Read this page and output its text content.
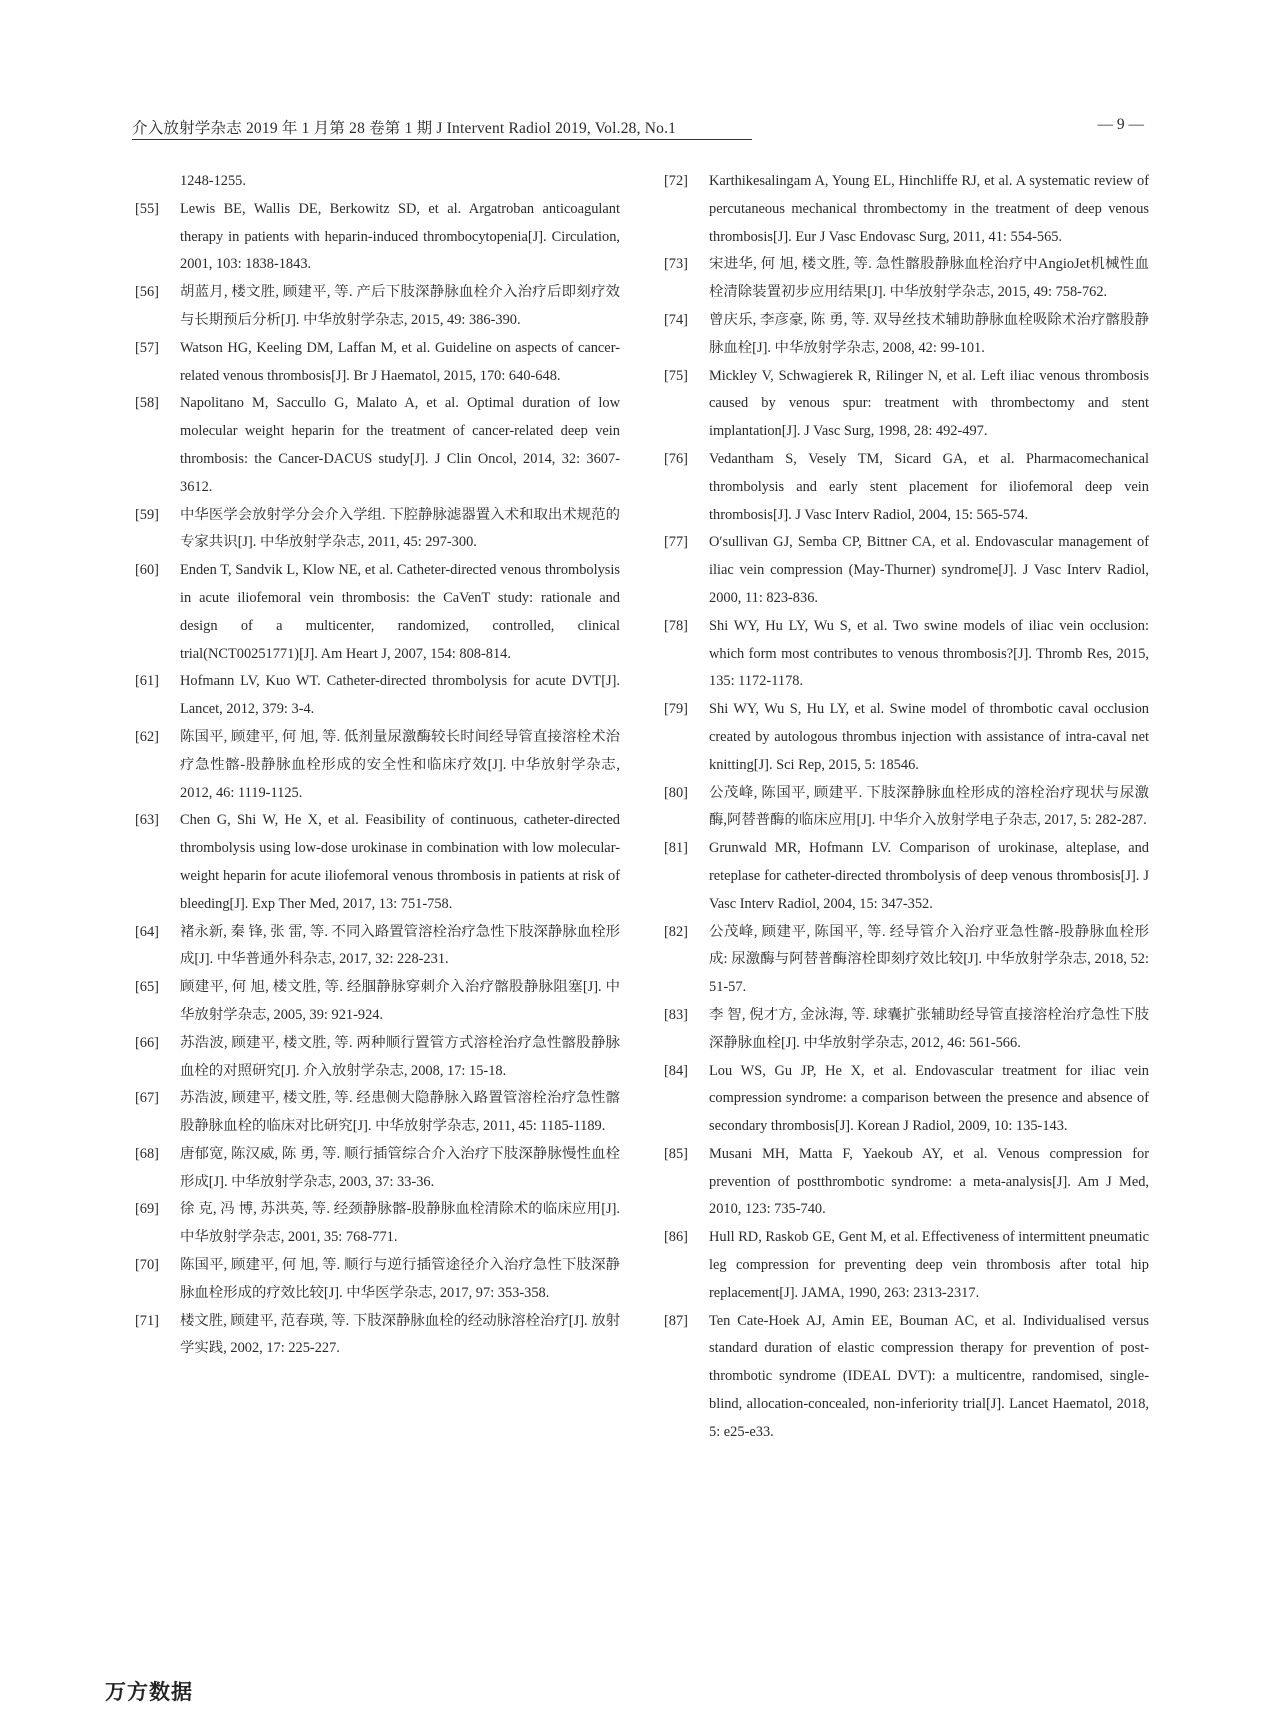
介入放射学杂志 2019 年 1 月第 28 卷第 1 期 J Intervent Radiol 2019, Vol.28, No.1	— 9 —

1248-1255.

[55] Lewis BE, Wallis DE, Berkowitz SD, et al. Argatroban anticoagulant therapy in patients with heparin-induced thrombocytopenia[J]. Circulation, 2001, 103: 1838-1843.

[56] 胡蓝月, 楼文胜, 顾建平, 等. 产后下肢深静脉血栓介入治疗后即刻疗效与长期预后分析[J]. 中华放射学杂志, 2015, 49: 386-390.

[57] Watson HG, Keeling DM, Laffan M, et al. Guideline on aspects of cancer-related venous thrombosis[J]. Br J Haematol, 2015, 170: 640-648.

[58] Napolitano M, Saccullo G, Malato A, et al. Optimal duration of low molecular weight heparin for the treatment of cancer-related deep vein thrombosis: the Cancer-DACUS study[J]. J Clin Oncol, 2014, 32: 3607-3612.

[59] 中华医学会放射学分会介入学组. 下腔静脉滤器置入术和取出术规范的专家共识[J]. 中华放射学杂志, 2011, 45: 297-300.

[60] Enden T, Sandvik L, Klow NE, et al. Catheter-directed venous thrombolysis in acute iliofemoral vein thrombosis: the CaVenT study: rationale and design of a multicenter, randomized, controlled, clinical trial(NCT00251771)[J]. Am Heart J, 2007, 154: 808-814.

[61] Hofmann LV, Kuo WT. Catheter-directed thrombolysis for acute DVT[J]. Lancet, 2012, 379: 3-4.

[62] 陈国平, 顾建平, 何 旭, 等. 低剂量尿激酶较长时间经导管直接溶栓术治疗急性髂-股静脉血栓形成的安全性和临床疗效[J]. 中华放射学杂志, 2012, 46: 1119-1125.

[63] Chen G, Shi W, He X, et al. Feasibility of continuous, catheter-directed thrombolysis using low-dose urokinase in combination with low molecular-weight heparin for acute iliofemoral venous thrombosis in patients at risk of bleeding[J]. Exp Ther Med, 2017, 13: 751-758.

[64] 褚永新, 秦 锋, 张 雷, 等. 不同入路置管溶栓治疗急性下肢深静脉血栓形成[J]. 中华普通外科杂志, 2017, 32: 228-231.

[65] 顾建平, 何 旭, 楼文胜, 等. 经腘静脉穿刺介入治疗髂股静脉阻塞[J]. 中华放射学杂志, 2005, 39: 921-924.

[66] 苏浩波, 顾建平, 楼文胜, 等. 两种顺行置管方式溶栓治疗急性髂股静脉血栓的对照研究[J]. 介入放射学杂志, 2008, 17: 15-18.

[67] 苏浩波, 顾建平, 楼文胜, 等. 经患侧大隐静脉入路置管溶栓治疗急性髂股静脉血栓的临床对比研究[J]. 中华放射学杂志, 2011, 45: 1185-1189.

[68] 唐郁宽, 陈汉威, 陈 勇, 等. 顺行插管综合介入治疗下肢深静脉慢性血栓形成[J]. 中华放射学杂志, 2003, 37: 33-36.

[69] 徐 克, 冯 博, 苏洪英, 等. 经颈静脉髂-股静脉血栓清除术的临床应用[J]. 中华放射学杂志, 2001, 35: 768-771.

[70] 陈国平, 顾建平, 何 旭, 等. 顺行与逆行插管途径介入治疗急性下肢深静脉血栓形成的疗效比较[J]. 中华医学杂志, 2017, 97: 353-358.

[71] 楼文胜, 顾建平, 范春瑛, 等. 下肢深静脉血栓的经动脉溶栓治疗[J]. 放射学实践, 2002, 17: 225-227.

[72] Karthikesalingam A, Young EL, Hinchliffe RJ, et al. A systematic review of percutaneous mechanical thrombectomy in the treatment of deep venous thrombosis[J]. Eur J Vasc Endovasc Surg, 2011, 41: 554-565.

[73] 宋进华, 何 旭, 楼文胜, 等. 急性髂股静脉血栓治疗中AngioJet机械性血栓清除装置初步应用结果[J]. 中华放射学杂志, 2015, 49: 758-762.

[74] 曾庆乐, 李彦豪, 陈 勇, 等. 双导丝技术辅助静脉血栓吸除术治疗髂股静脉血栓[J]. 中华放射学杂志, 2008, 42: 99-101.

[75] Mickley V, Schwagierek R, Rilinger N, et al. Left iliac venous thrombosis caused by venous spur: treatment with thrombectomy and stent implantation[J]. J Vasc Surg, 1998, 28: 492-497.

[76] Vedantham S, Vesely TM, Sicard GA, et al. Pharmacomechanical thrombolysis and early stent placement for iliofemoral deep vein thrombosis[J]. J Vasc Interv Radiol, 2004, 15: 565-574.

[77] O′sullivan GJ, Semba CP, Bittner CA, et al. Endovascular management of iliac vein compression (May-Thurner) syndrome[J]. J Vasc Interv Radiol, 2000, 11: 823-836.

[78] Shi WY, Hu LY, Wu S, et al. Two swine models of iliac vein occlusion: which form most contributes to venous thrombosis?[J]. Thromb Res, 2015, 135: 1172-1178.

[79] Shi WY, Wu S, Hu LY, et al. Swine model of thrombotic caval occlusion created by autologous thrombus injection with assistance of intra-caval net knitting[J]. Sci Rep, 2015, 5: 18546.

[80] 公茂峰, 陈国平, 顾建平. 下肢深静脉血栓形成的溶栓治疗现状与尿激酶,阿替普酶的临床应用[J]. 中华介入放射学电子杂志, 2017, 5: 282-287.

[81] Grunwald MR, Hofmann LV. Comparison of urokinase, alteplase, and reteplase for catheter-directed thrombolysis of deep venous thrombosis[J]. J Vasc Interv Radiol, 2004, 15: 347-352.

[82] 公茂峰, 顾建平, 陈国平, 等. 经导管介入治疗亚急性髂-股静脉血栓形成: 尿激酶与阿替普酶溶栓即刻疗效比较[J]. 中华放射学杂志, 2018, 52: 51-57.

[83] 李 智, 倪才方, 金泳海, 等. 球囊扩张辅助经导管直接溶栓治疗急性下肢深静脉血栓[J]. 中华放射学杂志, 2012, 46: 561-566.

[84] Lou WS, Gu JP, He X, et al. Endovascular treatment for iliac vein compression syndrome: a comparison between the presence and absence of secondary thrombosis[J]. Korean J Radiol, 2009, 10: 135-143.

[85] Musani MH, Matta F, Yaekoub AY, et al. Venous compression for prevention of postthrombotic syndrome: a meta-analysis[J]. Am J Med, 2010, 123: 735-740.

[86] Hull RD, Raskob GE, Gent M, et al. Effectiveness of intermittent pneumatic leg compression for preventing deep vein thrombosis after total hip replacement[J]. JAMA, 1990, 263: 2313-2317.

[87] Ten Cate-Hoek AJ, Amin EE, Bouman AC, et al. Individualised versus standard duration of elastic compression therapy for prevention of post-thrombotic syndrome (IDEAL DVT): a multicentre, randomised, single-blind, allocation-concealed, non-inferiority trial[J]. Lancet Haematol, 2018, 5: e25-e33.

万方数据
